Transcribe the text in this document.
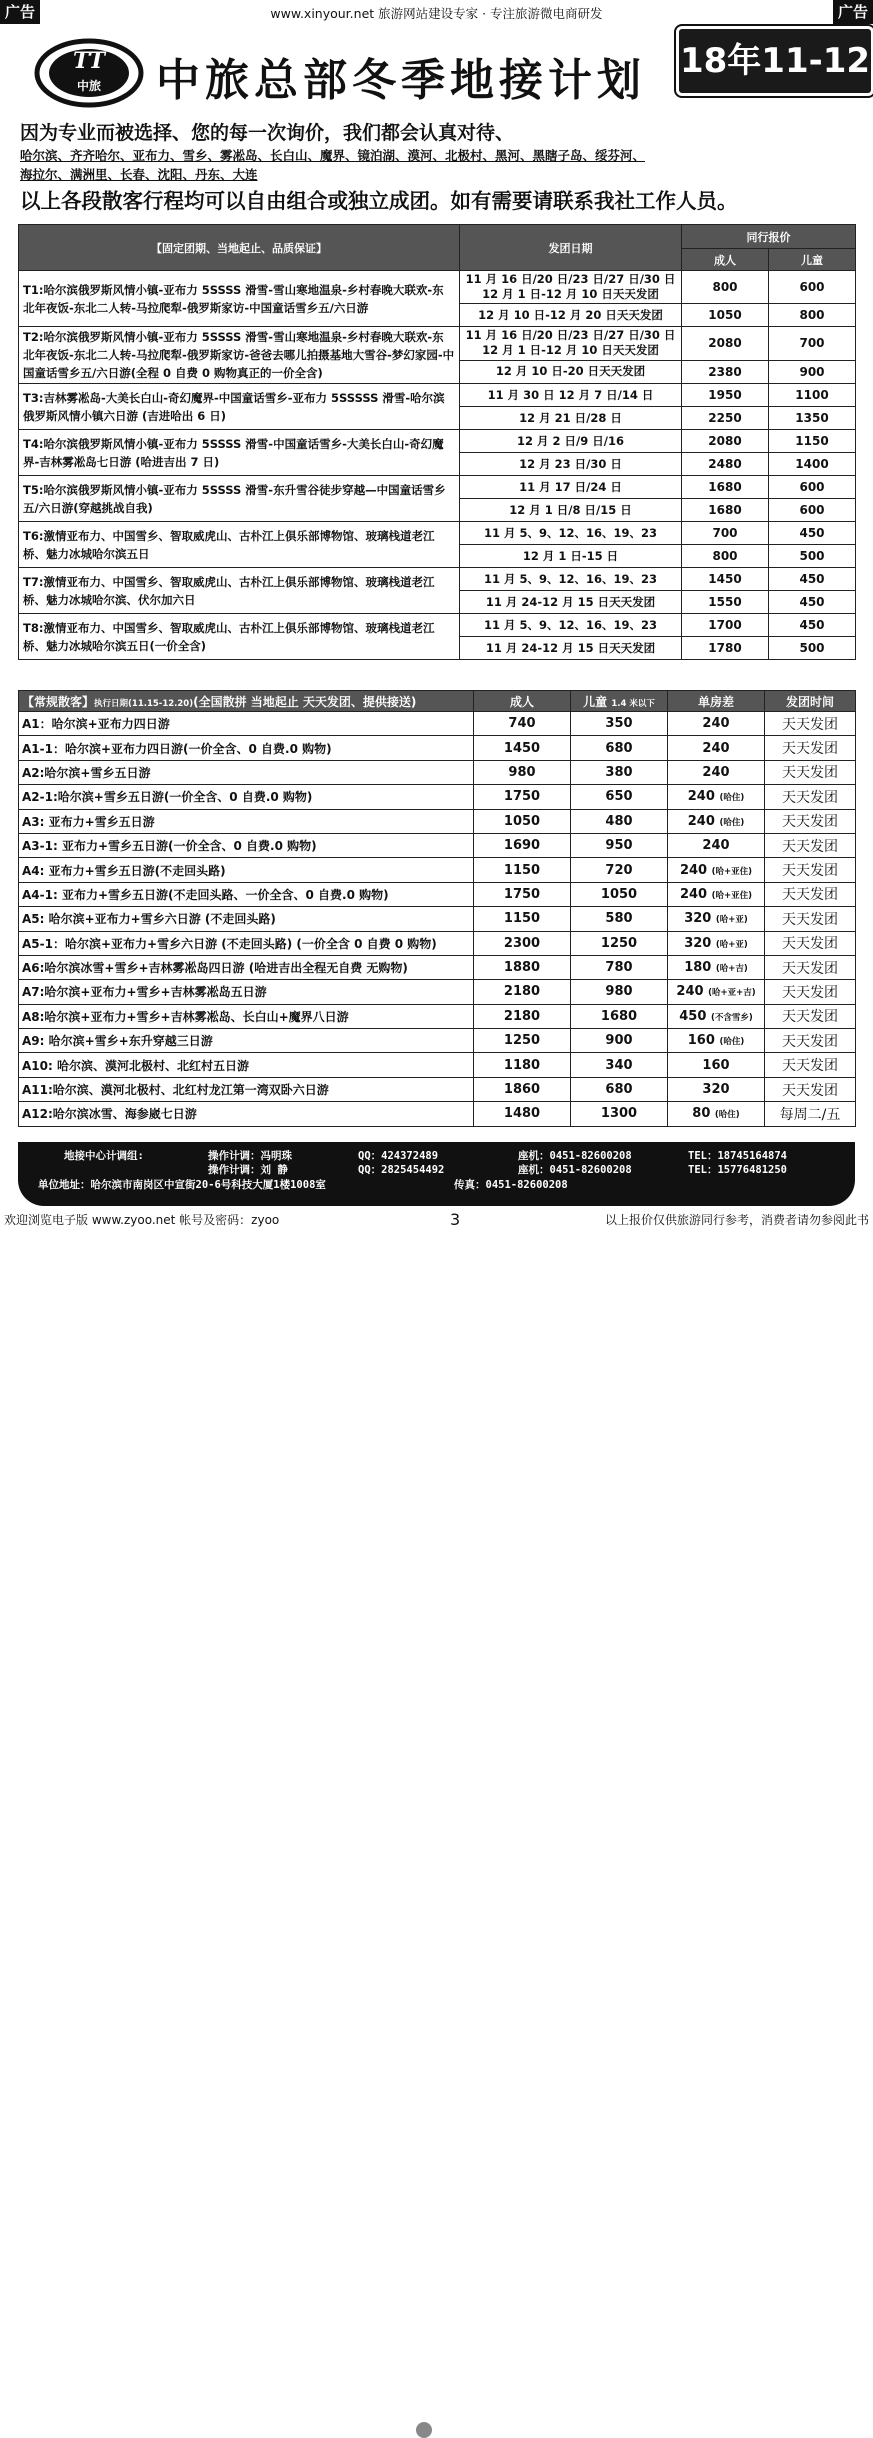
广告	www.xinyour.net 旅游网站建设专家 · 专注旅游微电商研发	广告
TT
中旅 中旅总部冬季地接计划 18年11-12月
因为专业而被选择、您的每一次询价，我们都会认真对待、
哈尔滨、齐齐哈尔、亚布力、雪乡、雾凇岛、长白山、魔界、镜泊湖、漠河、北极村、黑河、黑瞎子岛、绥芬河、
海拉尔、满洲里、长春、沈阳、丹东、大连
以上各段散客行程均可以自由组合或独立成团。如有需要请联系我社工作人员。
【固定团期、当地起止、品质保证】	发团日期	同行报价	
		成人	儿童
T1:哈尔滨俄罗斯风情小镇-亚布力 5SSSS 滑雪-雪山寒地温泉-乡村春晚大联欢-东北年夜饭-东北二人转-马拉爬犁-俄罗斯家访-中国童话雪乡五/六日游	11 月 16 日/20 日/23 日/27 日/30 日 12 月 1 日-12 月 10 日天天发团	800	600
	12 月 10 日-12 月 20 日天天发团	1050	800
T2:哈尔滨俄罗斯风情小镇-亚布力 5SSSS 滑雪-雪山寒地温泉-乡村春晚大联欢-东北年夜饭-东北二人转-马拉爬犁-俄罗斯家访-爸爸去哪儿拍摄基地大雪谷-梦幻家园-中国童话雪乡五/六日游(全程 0 自费 0 购物真正的一价全含)	11 月 16 日/20 日/23 日/27 日/30 日 12 月 1 日-12 月 10 日天天发团	2080	700
	12 月 10 日-20 日天天发团	2380	900
T3:吉林雾凇岛-大美长白山-奇幻魔界-中国童话雪乡-亚布力 5SSSSS 滑雪-哈尔滨俄罗斯风情小镇六日游 (吉进哈出 6 日)	11 月 30 日 12 月 7 日/14 日	1950	1100
	12 月 21 日/28 日	2250	1350
T4:哈尔滨俄罗斯风情小镇-亚布力 5SSSS 滑雪-中国童话雪乡-大美长白山-奇幻魔界-吉林雾凇岛七日游 (哈进吉出 7 日)	12 月 2 日/9 日/16	2080	1150
	12 月 23 日/30 日	2480	1400
T5:哈尔滨俄罗斯风情小镇-亚布力 5SSSS 滑雪-东升雪谷徒步穿越—中国童话雪乡五/六日游(穿越挑战自我)	11 月 17 日/24 日	1680	600
	12 月 1 日/8 日/15 日	1680	600
T6:激情亚布力、中国雪乡、智取威虎山、古朴江上俱乐部博物馆、玻璃栈道老江桥、魅力冰城哈尔滨五日	11 月 5、9、12、16、19、23	700	450
	12 月 1 日-15 日	800	500
T7:激情亚布力、中国雪乡、智取威虎山、古朴江上俱乐部博物馆、玻璃栈道老江桥、魅力冰城哈尔滨、伏尔加六日	11 月 5、9、12、16、19、23	1450	450
	11 月 24-12 月 15 日天天发团	1550	450
T8:激情亚布力、中国雪乡、智取威虎山、古朴江上俱乐部博物馆、玻璃栈道老江桥、魅力冰城哈尔滨五日(一价全含)	11 月 5、9、12、16、19、23	1700	450
	11 月 24-12 月 15 日天天发团	1780	500
【常规散客】执行日期(11.15-12.20)(全国散拼 当地起止 天天发团、提供接送)	成人	儿童 1.4 米以下	单房差	发团时间
A1：哈尔滨+亚布力四日游	740	350	240	天天发团
A1-1：哈尔滨+亚布力四日游(一价全含、0 自费.0 购物)	1450	680	240	天天发团
A2:哈尔滨+雪乡五日游	980	380	240	天天发团
A2-1:哈尔滨+雪乡五日游(一价全含、0 自费.0 购物)	1750	650	240 (哈住)	天天发团
A3: 亚布力+雪乡五日游	1050	480	240 (哈住)	天天发团
A3-1: 亚布力+雪乡五日游(一价全含、0 自费.0 购物)	1690	950	240	天天发团
A4: 亚布力+雪乡五日游(不走回头路)	1150	720	240 (哈+亚住)	天天发团
A4-1: 亚布力+雪乡五日游(不走回头路、一价全含、0 自费.0 购物)	1750	1050	240 (哈+亚住)	天天发团
A5: 哈尔滨+亚布力+雪乡六日游 (不走回头路)	1150	580	320 (哈+亚)	天天发团
A5-1：哈尔滨+亚布力+雪乡六日游 (不走回头路) (一价全含 0 自费 0 购物)	2300	1250	320 (哈+亚)	天天发团
A6:哈尔滨冰雪+雪乡+吉林雾凇岛四日游 (哈进吉出全程无自费 无购物)	1880	780	180 (哈+吉)	天天发团
A7:哈尔滨+亚布力+雪乡+吉林雾凇岛五日游	2180	980	240 (哈+亚+吉)	天天发团
A8:哈尔滨+亚布力+雪乡+吉林雾凇岛、长白山+魔界八日游	2180	1680	450 (不含雪乡)	天天发团
A9: 哈尔滨+雪乡+东升穿越三日游	1250	900	160 (哈住)	天天发团
A10: 哈尔滨、漠河北极村、北红村五日游	1180	340	160	天天发团
A11:哈尔滨、漠河北极村、北红村龙江第一湾双卧六日游	1860	680	320	天天发团
A12:哈尔滨冰雪、海参崴七日游	1480	1300	80 (哈住)	每周二/五
地接中心计调组:	操作计调：冯明珠	QQ：424372489	座机：0451-82600208	TEL：18745164874
操作计调：刘 静	QQ：2825454492	座机：0451-82600208	TEL：15776481250
单位地址：哈尔滨市南岗区中宣街20-6号科技大厦1楼1008室	传真：0451-82600208
欢迎浏览电子版 www.zyoo.net 帐号及密码：zyoo	3	以上报价仅供旅游同行参考，消费者请勿参阅此书
